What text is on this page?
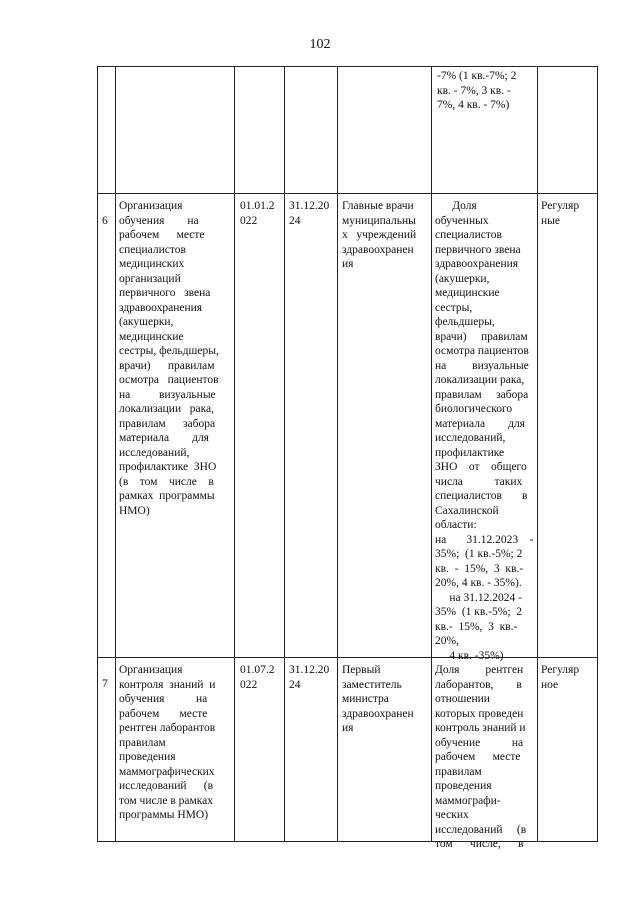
102
-7% (1 кв.-7%; 2
кв. - 7%, 3 кв. -
7%, 4 кв. - 7%)
6
Организация
обучения        на
рабочем      месте
специалистов
медицинских
организаций
первичного   звена
здравоохранения
(акушерки,
медицинские
сестры, фельдшеры,
врачи)      правилам
осмотра   пациентов
на          визуальные
локализации   рака,
правилам      забора
материала        для
исследований,
профилактике  ЗНО
(в    том    числе    в
рамках  программы
НМО)
01.01.2
022
31.12.20
24
Главные врачи
муниципальны
х   учреждений
здравоохранен
ия
Доля
обученных
специалистов
первичного звена
здравоохранения
(акушерки,
медицинские
сестры,
фельдшеры,
врачи)     правилам
осмотра пациентов
на         визуальные
локализации рака,
правилам     забора
биологического
материала        для
исследований,
профилактике
ЗНО    от    общего
числа           таких
специалистов       в
Сахалинской
области:
на       31.12.2023    -
35%;  (1 кв.-5%; 2
кв.  -  15%,  3  кв.-
20%, 4 кв. - 35%).
на 31.12.2024 -
35%  (1 кв.-5%;  2
кв.-  15%,  3  кв.-
20%,
4 кв. -35%)
Регуляр
ные
7
Организация
контроля  знаний  и
обучения           на
рабочем       месте
рентген лаборантов
правилам
проведения
маммографических
исследований      (в
том числе в рамках
программы НМО)
01.07.2
022
31.12.20
24
Первый
заместитель
министра
здравоохранен
ия
Доля         рентген
лаборантов,        в
отношении
которых проведен
контроль знаний и
обучение           на
рабочем      месте
правилам
проведения
маммографи-
ческих
исследований     (в
том      числе,      в
Регуляр
ное
